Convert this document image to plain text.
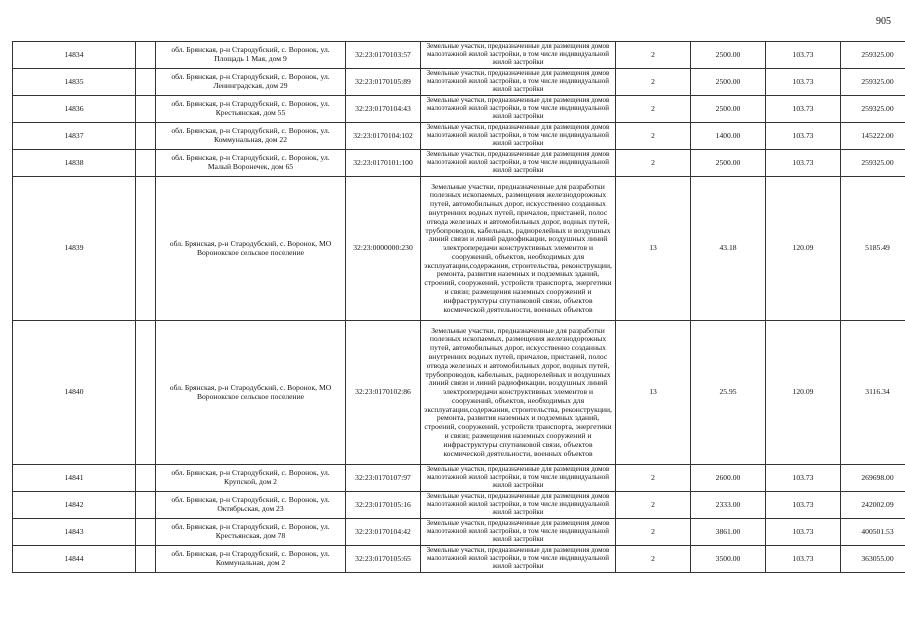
905
14834		обл. Брянская, р-н Стародубский, с. Воронок, ул. Площадь 1 Мая, дом 9	32:23:0170103:57	Земельные участки, предназначенные для размещения домов малоэтажной жилой застройки, в том числе индивидуальной жилой застройки	2	2500.00	103.73	259325.00
14835		обл. Брянская, р-н Стародубский, с. Воронок, ул. Ленинградская, дом 29	32:23:0170105:89	Земельные участки, предназначенные для размещения домов малоэтажной жилой застройки, в том числе индивидуальной жилой застройки	2	2500.00	103.73	259325.00
14836		обл. Брянская, р-н Стародубский, с. Воронок, ул. Крестьянская, дом 55	32:23:0170104:43	Земельные участки, предназначенные для размещения домов малоэтажной жилой застройки, в том числе индивидуальной жилой застройки	2	2500.00	103.73	259325.00
14837		обл. Брянская, р-н Стародубский, с. Воронок, ул. Коммунальная, дом 22	32:23:0170104:102	Земельные участки, предназначенные для размещения домов малоэтажной жилой застройки, в том числе индивидуальной жилой застройки	2	1400.00	103.73	145222.00
14838		обл. Брянская, р-н Стародубский, с. Воронок, ул. Малый Воронечек, дом 65	32:23:0170101:100	Земельные участки, предназначенные для размещения домов малоэтажной жилой застройки, в том числе индивидуальной жилой застройки	2	2500.00	103.73	259325.00
14839		обл. Брянская, р-н Стародубский, с. Воронок, МО Воронокское сельское поселение	32:23:0000000:230	Земельные участки, предназначенные для разработки полезных ископаемых, размещения железнодорожных путей, автомобильных дорог, искусственно созданных внутренних водных путей, причалов, пристаней, полос отвода железных и автомобильных дорог, водных путей, трубопроводов, кабельных, радиорелейных и воздушных линий связи и линий радиофикации, воздушных линий электропередачи конструктивных элементов и сооружений, объектов, необходимых для эксплуатации,содержания, строительства, реконструкции, ремонта, развития наземных и подземных зданий, строений, сооружений, устройств транспорта, энергетики и связи; размещения наземных сооружений и инфраструктуры спутниковой связи, объектов космической деятельности, военных объектов	13	43.18	120.09	5185.49
14840		обл. Брянская, р-н Стародубский, с. Воронок, МО Воронокское сельское поселение	32:23:0170102:86	Земельные участки, предназначенные для разработки полезных ископаемых, размещения железнодорожных путей, автомобильных дорог, искусственно созданных внутренних водных путей, причалов, пристаней, полос отвода железных и автомобильных дорог, водных путей, трубопроводов, кабельных, радиорелейных и воздушных линий связи и линий радиофикации, воздушных линий электропередачи конструктивных элементов и сооружений, объектов, необходимых для эксплуатации,содержания, строительства, реконструкции, ремонта, развития наземных и подземных зданий, строений, сооружений, устройств транспорта, энергетики и связи; размещения наземных сооружений и инфраструктуры спутниковой связи, объектов космической деятельности, военных объектов	13	25.95	120.09	3116.34
14841		обл. Брянская, р-н Стародубский, с. Воронок, ул. Крупской, дом 2	32:23:0170107:97	Земельные участки, предназначенные для размещения домов малоэтажной жилой застройки, в том числе индивидуальной жилой застройки	2	2600.00	103.73	269698.00
14842		обл. Брянская, р-н Стародубский, с. Воронок, ул. Октябрьская, дом 23	32:23:0170105:16	Земельные участки, предназначенные для размещения домов малоэтажной жилой застройки, в том числе индивидуальной жилой застройки	2	2333.00	103.73	242002.09
14843		обл. Брянская, р-н Стародубский, с. Воронок, ул. Крестьянская, дом 78	32:23:0170104:42	Земельные участки, предназначенные для размещения домов малоэтажной жилой застройки, в том числе индивидуальной жилой застройки	2	3861.00	103.73	400501.53
14844		обл. Брянская, р-н Стародубский, с. Воронок, ул. Коммунальная, дом 2	32:23:0170105:65	Земельные участки, предназначенные для размещения домов малоэтажной жилой застройки, в том числе индивидуальной жилой застройки	2	3500.00	103.73	363055.00
